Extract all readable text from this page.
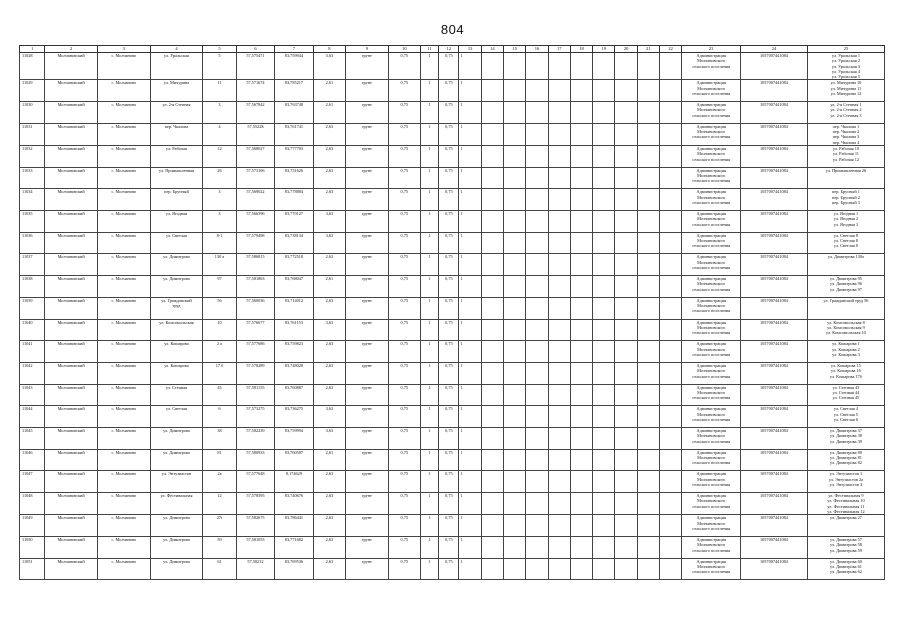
804
1	2	3	4	5	6	7	8	9	10	11	12	13	14	15	16	17	18	19	20	21	22	23	24	25
11028	Молчановский	с. Молчаново	ул. Уральская	5	57,575471	83,759944	3,63	грунт	0,75	1	0,75	1										Администрация
Молчановского
сельского поселения	1057007441084	ул. Уральская 1
ул. Уральская 2
ул. Уральская 3
ул. Уральская 4
ул. Уральская 5

11029	Молчановский	с. Молчаново	ул. Мичурина	11	57,571674	83,785217	2,61	грунт	0,75	1	0,75	1										Администрация
Молчановского
сельского поселения	1057007441084	ул. Мичурина 10
ул. Мичурина 11
ул. Мичурина 12

11030	Молчановский	с. Молчаново	ул. 2-я Степная	3	57,567842	83,763748	2,61	грунт	0,75	1	0,75	1										Администрация
Молчановского
сельского поселения	1057007441084	ул. 2-я Степная 1
ул. 2-я Степная 2
ул. 2-я Степная 3

11031	Молчановский	с. Молчаново	пер. Чкалова	4	57,5522$	83,761741	2,63	грунт	0,75	1	0,75	1										Администрация
Молчановского
сельского поселения	1057007441084	пер. Чкалова 1
пер. Чкалова 2
пер. Чкалова 3
пер. Чкалова 4

11032	Молчановский	с. Молчаново	ул. Рабочая	12	57,568027	83,777703	2,63	грунт	0,75	1	0,75	1										Администрация
Молчановского
сельского поселения	1057007441084	ул. Рабочая 10
ул. Рабочая 11
ул. Рабочая 12

11033	Молчановский	с. Молчаново	ул. Промышленная	26	57,573106	83,751626	2,63	грунт	0,75	1	0,75	1										Администрация
Молчановского
сельского поселения	1057007441084	ул. Промышленная 26

11034	Молчановский	с. Молчаново	пер. Брусный	3	57,569022	83,778884	2,63	грунт	0,75	1	0,75	1										Администрация
Молчановского
сельского поселения	1057007441084	пер. Брусный 1
пер. Брусный 2
пер. Брусный 3

11035	Молчановский	с. Молчаново	ул. Ягодная	3	57,566596	83,770127	3,63	грунт	0,75	1	0,75	1										Администрация
Молчановского
сельского поселения	1057007441084	ул. Ягодная 1
ул. Ягодная 2
ул. Ягодная 3

11036	Молчановский	с. Молчаново	ул. Светлая	8-1	57,579498	83,738134	3,63	грунт	0,75	1	0,75	1										Администрация
Молчановского
сельского поселения	1057007441084	ул. Светлая 8
ул. Светлая 8
ул. Светлая 8

11037	Молчановский	с. Молчаново	ул. Димитрова	130 а	57,586815	83,772518	2,63	грунт	0,75	1	0,75	1										Администрация
Молчановского
сельского поселения	1057007441084	ул. Димитрова 130а

11038	Молчановский	с. Молчаново	ул. Димитрова	97	57,581863	83,768047	2,61	грунт	0,75	1	0,75	1										Администрация
Молчановского
сельского поселения	1057007441084	ул. Димитрова 95
ул. Димитрова 96
ул. Димитрова 97

11039	Молчановский	с. Молчаново	ул. Гражданский
труд	56	57,560036	83,714012	2,63	грунт	0,75	1	0,75	1										Администрация
Молчановского
сельского поселения	1057007441084	ул. Гражданский труд 56

11040	Молчановский	с. Молчаново	ул. Комсомольская	10	57,576677	83,761153	3,63	грунт	0,75	1	0,75	1										Администрация
Молчановского
сельского поселения	1057007441084	ул. Комсомольская 8
ул. Комсомольская 9
ул. Комсомольская 10

11041	Молчановский	с. Молчаново	ул. Кошарова	2 а	57,577686	83,759823	2,63	грунт	0,75	1	0,75	1										Администрация
Молчановского
сельского поселения	1057007441084	ул. Кошарова 1
ул. Кошарова 2
ул. Кошарова 3

11042	Молчановский	с. Молчаново	ул. Кошарова	17 б	57,578289	83,748028	2,63	грунт	0,75	1	0,75	1										Администрация
Молчановского
сельского поселения	1057007441084	ул. Кошарова 15
ул. Кошарова 16
ул. Кошарова 17б

11043	Молчановский	с. Молчаново	ул. Степная	45	57,591155	83,760887	2,63	грунт	0,75	1	0,75	1										Администрация
Молчановского
сельского поселения	1057007441084	ул. Степная 43
ул. Степная 44
ул. Степная 45

11044	Молчановский	с. Молчаново	ул. Светлая	6	57,573275	83,736275	3,63	грунт	0,75	1	0,75	1										Администрация
Молчановского
сельского поселения	1057007441084	ул. Светлая 4
ул. Светлая 5
ул. Светлая 6

11045	Молчановский	с. Молчаново	ул. Димитрова	38	57,582239	83,759994	3,63	грунт	0,75	1	0,75	1										Администрация
Молчановского
сельского поселения	1057007441084	ул. Димитрова 37
ул. Димитрова 38
ул. Димитрова 39

11046	Молчановский	с. Молчаново	ул. Димитрова	81	57,580933	83,760587	2,61	грунт	0,75	1	0,75	1										Администрация
Молчановского
сельского поселения	1057007441084	ул. Димитрова 80
ул. Димитрова 81
ул. Димитрова 82

11047	Молчановский	с. Молчаново	ул. Энтузиастов	2а	57,577648	8,174629	2,63	грунт	0,75	1	0,75	1										Администрация
Молчановского
сельского поселения	1057007441084	ул. Энтузиастов 1
ул. Энтузиастов 2а
ул. Энтузиастов 3

11048	Молчановский	с. Молчаново	ул. Фестивальная	12	57,578595	83,740676	2,63	грунт	0,75	1	0,75	1										Администрация
Молчановского
сельского поселения	1057007441084	ул. Фестивальная 9
ул. Фестивальная 10
ул. Фестивальная 11
ул. Фестивальная 12

11049	Молчановский	с. Молчаново	ул. Димитрова	27i	57,582675	83,786441	2,63	грунт	0,75	1	0,75	1										Администрация
Молчановского
сельского поселения	1057007441084	ул. Димитрова 27

11050	Молчановский	с. Молчаново	ул. Димитрова	59	57,581053	83,771682	2,63	грунт	0,75	1	0,75	1										Администрация
Молчановского
сельского поселения	1057007441084	ул. Димитрова 57
ул. Димитрова 58
ул. Димитрова 59

11051	Молчановский	с. Молчаново	ул. Димитрова	61	57,58212	83,769536	2,63	грунт	0,75	1	0,75	1										Администрация
Молчановского
сельского поселения	1057007441084	ул. Димитрова 60
ул. Димитрова 61
ул. Димитрова 62
